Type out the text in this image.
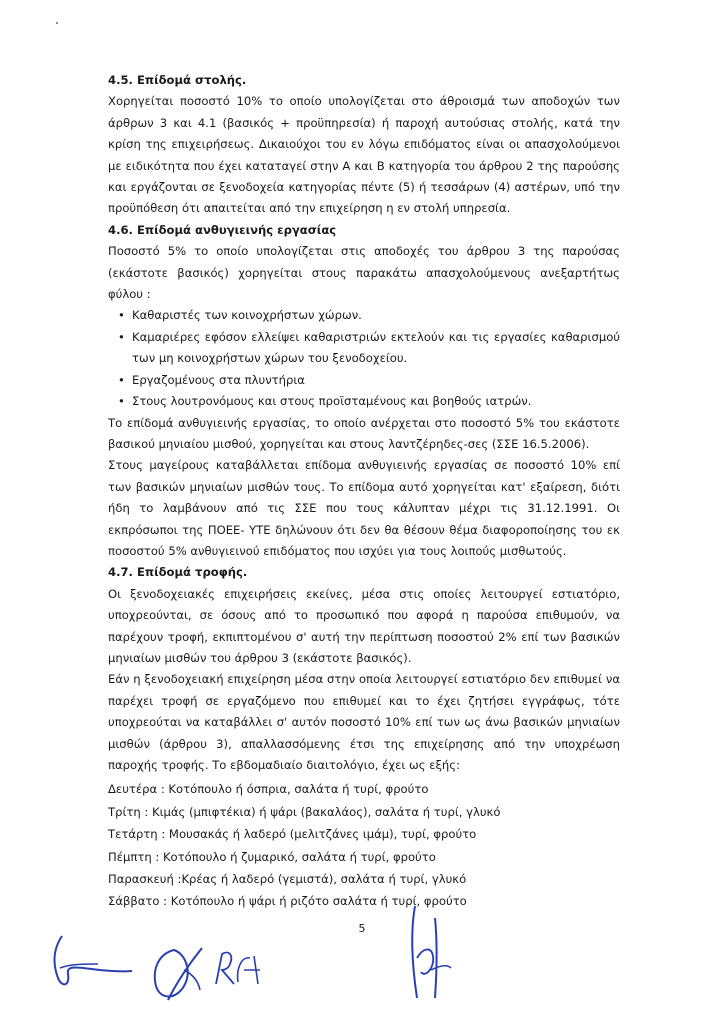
4.5. Επίδομά στολής.

Χορηγείται ποσοστό 10% το οποίο υπολογίζεται στο άθροισμά των αποδοχών των άρθρων 3 και 4.1 (βασικός + προϋπηρεσία) ή παροχή αυτούσιας στολής, κατά την κρίση της επιχειρήσεως. Δικαιούχοι του εν λόγω επιδόματος είναι οι απασχολούμενοι με ειδικότητα που έχει καταταγεί στην Α και Β κατηγορία του άρθρου 2 της παρούσης και εργάζονται σε ξενοδοχεία κατηγορίας πέντε (5) ή τεσσάρων (4) αστέρων, υπό την προϋπόθεση ότι απαιτείται από την επιχείρηση η εν στολή υπηρεσία.

4.6. Επίδομά ανθυγιεινής εργασίας

Ποσοστό 5% το οποίο υπολογίζεται στις αποδοχές του άρθρου 3 της παρούσας (εκάστοτε βασικός) χορηγείται στους παρακάτω απασχολούμενους ανεξαρτήτως φύλου :

• Καθαριστές των κοινοχρήστων χώρων.
• Καμαριέρες εφόσον ελλείψει καθαριστριών εκτελούν και τις εργασίες καθαρισμού των μη κοινοχρήστων χώρων του ξενοδοχείου.
• Εργαζομένους στα πλυντήρια
• Στους λουτρονόμους και στους προϊσταμένους και βοηθούς ιατρών.

Το επίδομά ανθυγιεινής εργασίας, το οποίο ανέρχεται στο ποσοστό 5% του εκάστοτε βασικού μηνιαίου μισθού, χορηγείται και στους λαντζέρηδες-σες (ΣΣΕ 16.5.2006).

Στους μαγείρους καταβάλλεται επίδομα ανθυγιεινής εργασίας σε ποσοστό 10% επί των βασικών μηνιαίων μισθών τους. Το επίδομα αυτό χορηγείται κατ' εξαίρεση, διότι ήδη το λαμβάνουν από τις ΣΣΕ που τους κάλυπταν μέχρι τις 31.12.1991. Οι εκπρόσωποι της ΠΟΕΕ- ΥΤΕ δηλώνουν ότι δεν θα θέσουν θέμα διαφοροποίησης του εκ ποσοστού 5% ανθυγιεινού επιδόματος που ισχύει για τους λοιπούς μισθωτούς.

4.7. Επίδομά τροφής.

Οι ξενοδοχειακές επιχειρήσεις εκείνες, μέσα στις οποίες λειτουργεί εστιατόριο, υποχρεούνται, σε όσους από το προσωπικό που αφορά η παρούσα επιθυμούν, να παρέχουν τροφή, εκπιπτομένου σ' αυτή την περίπτωση ποσοστού 2% επί των βασικών μηνιαίων μισθών του άρθρου 3 (εκάστοτε βασικός).

Εάν η ξενοδοχειακή επιχείρηση μέσα στην οποία λειτουργεί εστιατόριο δεν επιθυμεί να παρέχει τροφή σε εργαζόμενο που επιθυμεί και το έχει ζητήσει εγγράφως, τότε υποχρεούται να καταβάλλει σ' αυτόν ποσοστό 10% επί των ως άνω βασικών μηνιαίων μισθών (άρθρου 3), απαλλασσόμενης έτσι της επιχείρησης από την υποχρέωση παροχής τροφής. Το εβδομαδιαίο διαιτολόγιο, έχει ως εξής:

Δευτέρα : Κοτόπουλο ή όσπρια, σαλάτα ή τυρί, φρούτο

Τρίτη : Κιμάς (μπιφτέκια) ή ψάρι (βακαλάος), σαλάτα ή τυρί, γλυκό

Τετάρτη : Μουσακάς ή λαδερό (μελιτζάνες ιμάμ), τυρί, φρούτο

Πέμπτη : Κοτόπουλο ή ζυμαρικό, σαλάτα ή τυρί, φρούτο

Παρασκευή :Κρέας ή λαδερό (γεμιστά), σαλάτα ή τυρί, γλυκό

Σάββατο : Κοτόπουλο ή ψάρι ή ριζότο σαλάτα ή τυρί, φρούτο

5
